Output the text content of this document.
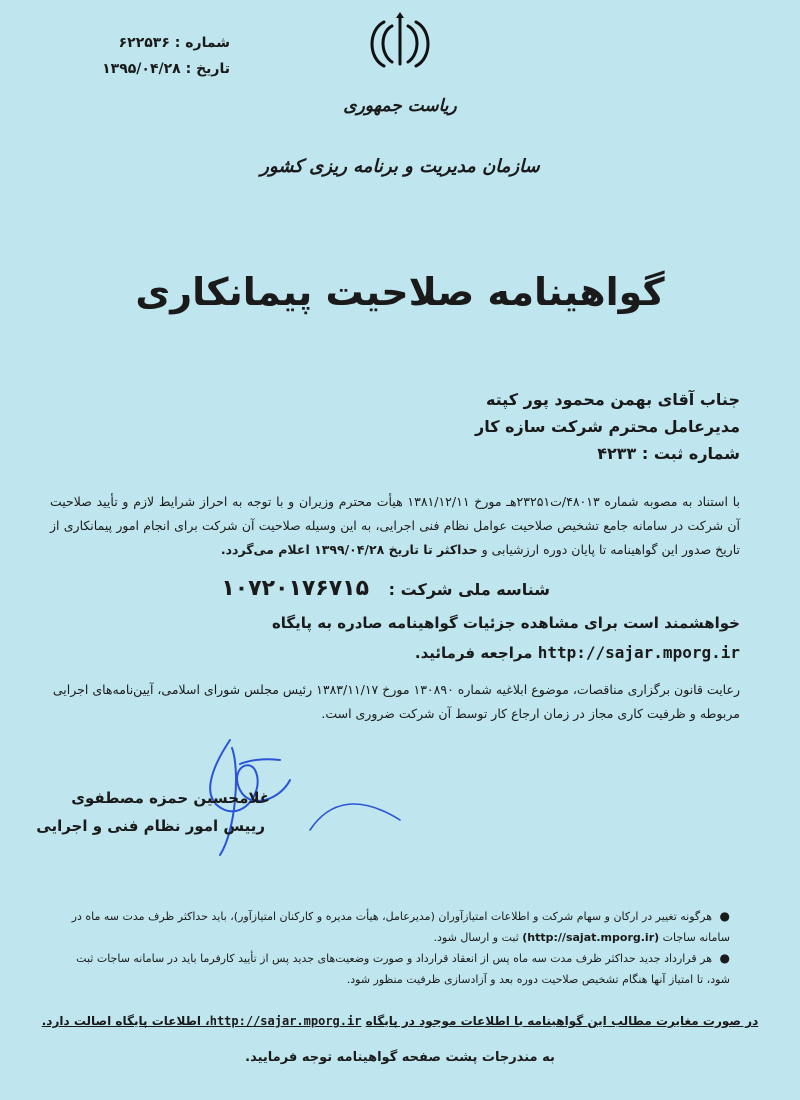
شماره : ۶۲۲۵۳۶
تاریخ : ۱۳۹۵/۰۴/۲۸
ریاست جمهوری
سازمان مدیریت و برنامه ریزی کشور
گواهینامه صلاحیت پیمانکاری
جناب آقای بهمن محمود پور کپته
مدیرعامل محترم شرکت سازه کار
شماره ثبت : ۴۲۳۳
با استناد به مصوبه شماره ۴۸۰۱۳/ت۲۳۲۵۱هـ مورخ ۱۳۸۱/۱۲/۱۱ هیأت محترم وزیران و با توجه به احراز شرایط لازم و تأیید صلاحیت آن شرکت در سامانه جامع تشخیص صلاحیت عوامل نظام فنی اجرایی، به این وسیله صلاحیت آن شرکت برای انجام امور پیمانکاری از تاریخ صدور این گواهینامه تا پایان دوره ارزشیابی و حداکثر تا تاریخ ۱۳۹۹/۰۴/۲۸ اعلام می‌گردد.
شناسه ملی شرکت : ۱۰۷۲۰۱۷۶۷۱۵
خواهشمند است برای مشاهده جزئیات گواهینامه صادره به پایگاه
http://sajar.mporg.ir مراجعه فرمائید.
رعایت قانون برگزاری مناقصات، موضوع ابلاغیه شماره ۱۳۰۸۹۰ مورخ ۱۳۸۳/۱۱/۱۷ رئیس مجلس شورای اسلامی، آیین‌نامه‌های اجرایی مربوطه و ظرفیت کاری مجاز در زمان ارجاع کار توسط آن شرکت ضروری است.
غلامحسین حمزه مصطفوی
رییس امور نظام فنی و اجرایی

● هرگونه تغییر در ارکان و سهام شرکت و اطلاعات امتیازآوران (مدیرعامل، هیأت مدیره و کارکنان امتیازآور)، باید حداکثر ظرف مدت سه ماه در سامانه ساجات (http://sajat.mporg.ir) ثبت و ارسال شود.

● هر قرارداد جدید حداکثر ظرف مدت سه ماه پس از انعقاد قرارداد و صورت وضعیت‌های جدید پس از تأیید کارفرما باید در سامانه ساجات ثبت شود، تا امتیاز آنها هنگام تشخیص صلاحیت دوره بعد و آزادسازی ظرفیت منظور شود.

در صورت مغایرت مطالب این گواهینامه با اطلاعات موجود در پایگاه http://sajar.mporg.ir، اطلاعات پایگاه اصالت دارد.
به مندرجات پشت صفحه گواهینامه توجه فرمایید.
